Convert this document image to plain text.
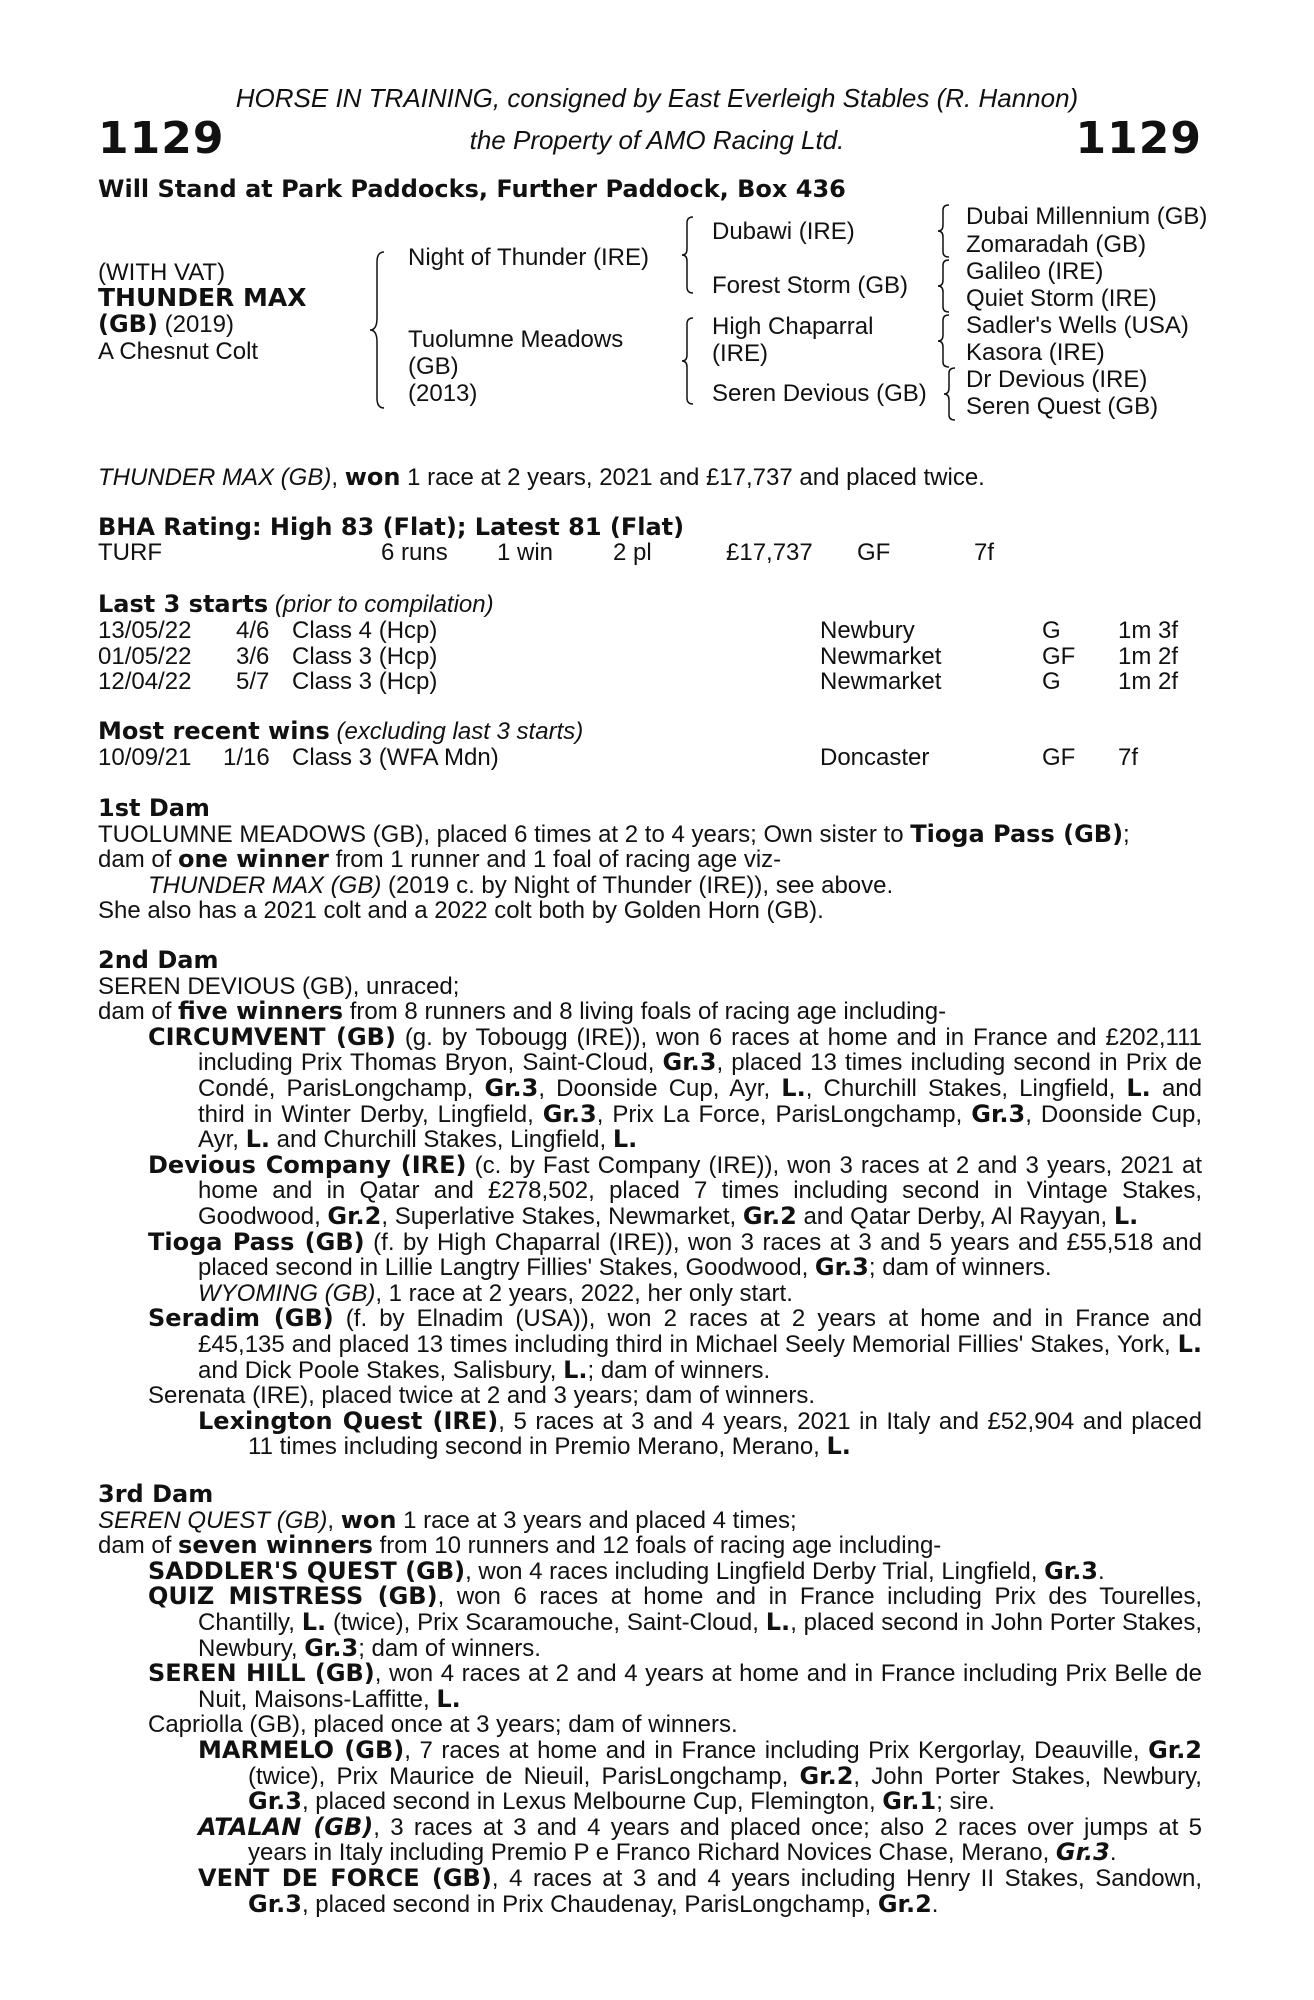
HORSE IN TRAINING, consigned by East Everleigh Stables (R. Hannon)
the Property of AMO Racing Ltd.
1129	1129
Will Stand at Park Paddocks, Further Paddock, Box 436
(WITH VAT)
THUNDER MAX
(GB) (2019)
A Chesnut Colt
Night of Thunder (IRE)
Tuolumne Meadows
(GB)
(2013)
Dubawi (IRE)
Forest Storm (GB)
High Chaparral
(IRE)
Seren Devious (GB)
Dubai Millennium (GB)
Zomaradah (GB)
Galileo (IRE)
Quiet Storm (IRE)
Sadler's Wells (USA)
Kasora (IRE)
Dr Devious (IRE)
Seren Quest (GB)
THUNDER MAX (GB), won 1 race at 2 years, 2021 and £17,737 and placed twice.
BHA Rating: High 83 (Flat); Latest 81 (Flat)
TURF	6 runs 1 win 2 pl	£17,737 GF	7f
Last 3 starts (prior to compilation)
13/05/22 4/6 Class 4 (Hcp)	Newbury	G 1m 3f
01/05/22 3/6 Class 3 (Hcp)	Newmarket	GF 1m 2f
12/04/22 5/7 Class 3 (Hcp)	Newmarket	G 1m 2f
Most recent wins (excluding last 3 starts)
10/09/21 1/16 Class 3 (WFA Mdn)	Doncaster	GF 7f

1st Dam

TUOLUMNE MEADOWS (GB), placed 6 times at 2 to 4 years; Own sister to Tioga Pass (GB);

dam of one winner from 1 runner and 1 foal of racing age viz-

THUNDER MAX (GB) (2019 c. by Night of Thunder (IRE)), see above.

She also has a 2021 colt and a 2022 colt both by Golden Horn (GB).

2nd Dam

SEREN DEVIOUS (GB), unraced;

dam of five winners from 8 runners and 8 living foals of racing age including-

CIRCUMVENT (GB) (g. by Tobougg (IRE)), won 6 races at home and in France and £202,111 including Prix Thomas Bryon, Saint-Cloud, Gr.3, placed 13 times including second in Prix de Condé, ParisLongchamp, Gr.3, Doonside Cup, Ayr, L., Churchill Stakes, Lingfield, L. and third in Winter Derby, Lingfield, Gr.3, Prix La Force, ParisLongchamp, Gr.3, Doonside Cup, Ayr, L. and Churchill Stakes, Lingfield, L.

Devious Company (IRE) (c. by Fast Company (IRE)), won 3 races at 2 and 3 years, 2021 at home and in Qatar and £278,502, placed 7 times including second in Vintage Stakes, Goodwood, Gr.2, Superlative Stakes, Newmarket, Gr.2 and Qatar Derby, Al Rayyan, L.

Tioga Pass (GB) (f. by High Chaparral (IRE)), won 3 races at 3 and 5 years and £55,518 and placed second in Lillie Langtry Fillies' Stakes, Goodwood, Gr.3; dam of winners.

WYOMING (GB), 1 race at 2 years, 2022, her only start.

Seradim (GB) (f. by Elnadim (USA)), won 2 races at 2 years at home and in France and £45,135 and placed 13 times including third in Michael Seely Memorial Fillies' Stakes, York, L. and Dick Poole Stakes, Salisbury, L.; dam of winners.

Serenata (IRE), placed twice at 2 and 3 years; dam of winners.

Lexington Quest (IRE), 5 races at 3 and 4 years, 2021 in Italy and £52,904 and placed 11 times including second in Premio Merano, Merano, L.

3rd Dam

SEREN QUEST (GB), won 1 race at 3 years and placed 4 times;

dam of seven winners from 10 runners and 12 foals of racing age including-

SADDLER'S QUEST (GB), won 4 races including Lingfield Derby Trial, Lingfield, Gr.3.

QUIZ MISTRESS (GB), won 6 races at home and in France including Prix des Tourelles, Chantilly, L. (twice), Prix Scaramouche, Saint-Cloud, L., placed second in John Porter Stakes, Newbury, Gr.3; dam of winners.

SEREN HILL (GB), won 4 races at 2 and 4 years at home and in France including Prix Belle de Nuit, Maisons-Laffitte, L.

Capriolla (GB), placed once at 3 years; dam of winners.

MARMELO (GB), 7 races at home and in France including Prix Kergorlay, Deauville, Gr.2 (twice), Prix Maurice de Nieuil, ParisLongchamp, Gr.2, John Porter Stakes, Newbury, Gr.3, placed second in Lexus Melbourne Cup, Flemington, Gr.1; sire.

ATALAN (GB), 3 races at 3 and 4 years and placed once; also 2 races over jumps at 5 years in Italy including Premio P e Franco Richard Novices Chase, Merano, Gr.3.

VENT DE FORCE (GB), 4 races at 3 and 4 years including Henry II Stakes, Sandown, Gr.3, placed second in Prix Chaudenay, ParisLongchamp, Gr.2.
